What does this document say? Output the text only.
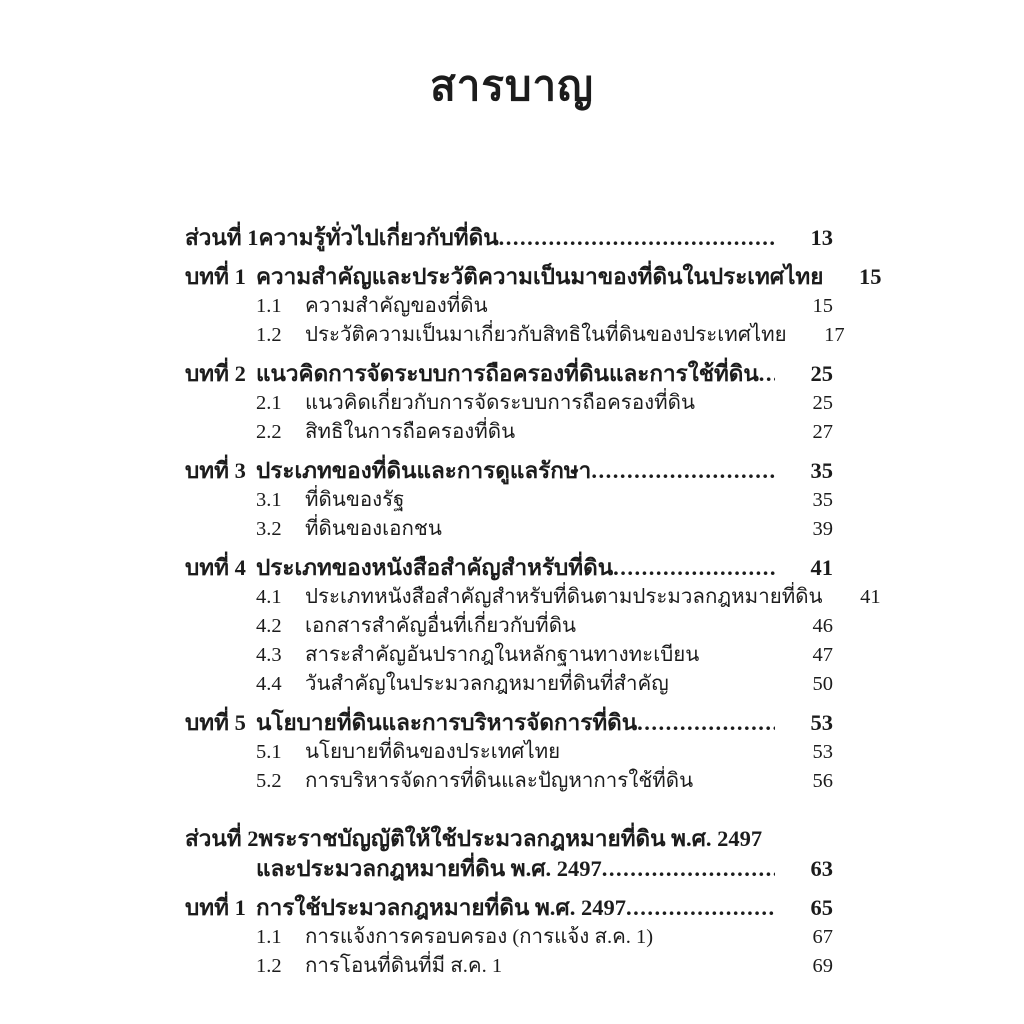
สารบาญ
ส่วนที่ 1 ความรู้ทั่วไปเกี่ยวกับที่ดิน .....	13
บทที่ 1 ความสำคัญและประวัติความเป็นมาของที่ดินในประเทศไทย	15
1.1	ความสำคัญของที่ดิน	15
1.2	ประวัติความเป็นมาเกี่ยวกับสิทธิในที่ดินของประเทศไทย	17
บทที่ 2 แนวคิดการจัดระบบการถือครองที่ดินและการใช้ที่ดิน .....	25
2.1	แนวคิดเกี่ยวกับการจัดระบบการถือครองที่ดิน	25
2.2	สิทธิในการถือครองที่ดิน	27
บทที่ 3 ประเภทของที่ดินและการดูแลรักษา .....	35
3.1	ที่ดินของรัฐ	35
3.2	ที่ดินของเอกชน	39
บทที่ 4 ประเภทของหนังสือสำคัญสำหรับที่ดิน .....	41
4.1	ประเภทหนังสือสำคัญสำหรับที่ดินตามประมวลกฎหมายที่ดิน	41
4.2	เอกสารสำคัญอื่นที่เกี่ยวกับที่ดิน	46
4.3	สาระสำคัญอันปรากฎในหลักฐานทางทะเบียน	47
4.4	วันสำคัญในประมวลกฎหมายที่ดินที่สำคัญ	50
บทที่ 5 นโยบายที่ดินและการบริหารจัดการที่ดิน .....	53
5.1	นโยบายที่ดินของประเทศไทย	53
5.2	การบริหารจัดการที่ดินและปัญหาการใช้ที่ดิน	56
ส่วนที่ 2 พระราชบัญญัติให้ใช้ประมวลกฎหมายที่ดิน พ.ศ. 2497
และประมวลกฎหมายที่ดิน พ.ศ. 2497 .....	63
บทที่ 1 การใช้ประมวลกฎหมายที่ดิน พ.ศ. 2497 .....	65
1.1	การแจ้งการครอบครอง (การแจ้ง ส.ค. 1)	67
1.2	การโอนที่ดินที่มี ส.ค. 1	69
